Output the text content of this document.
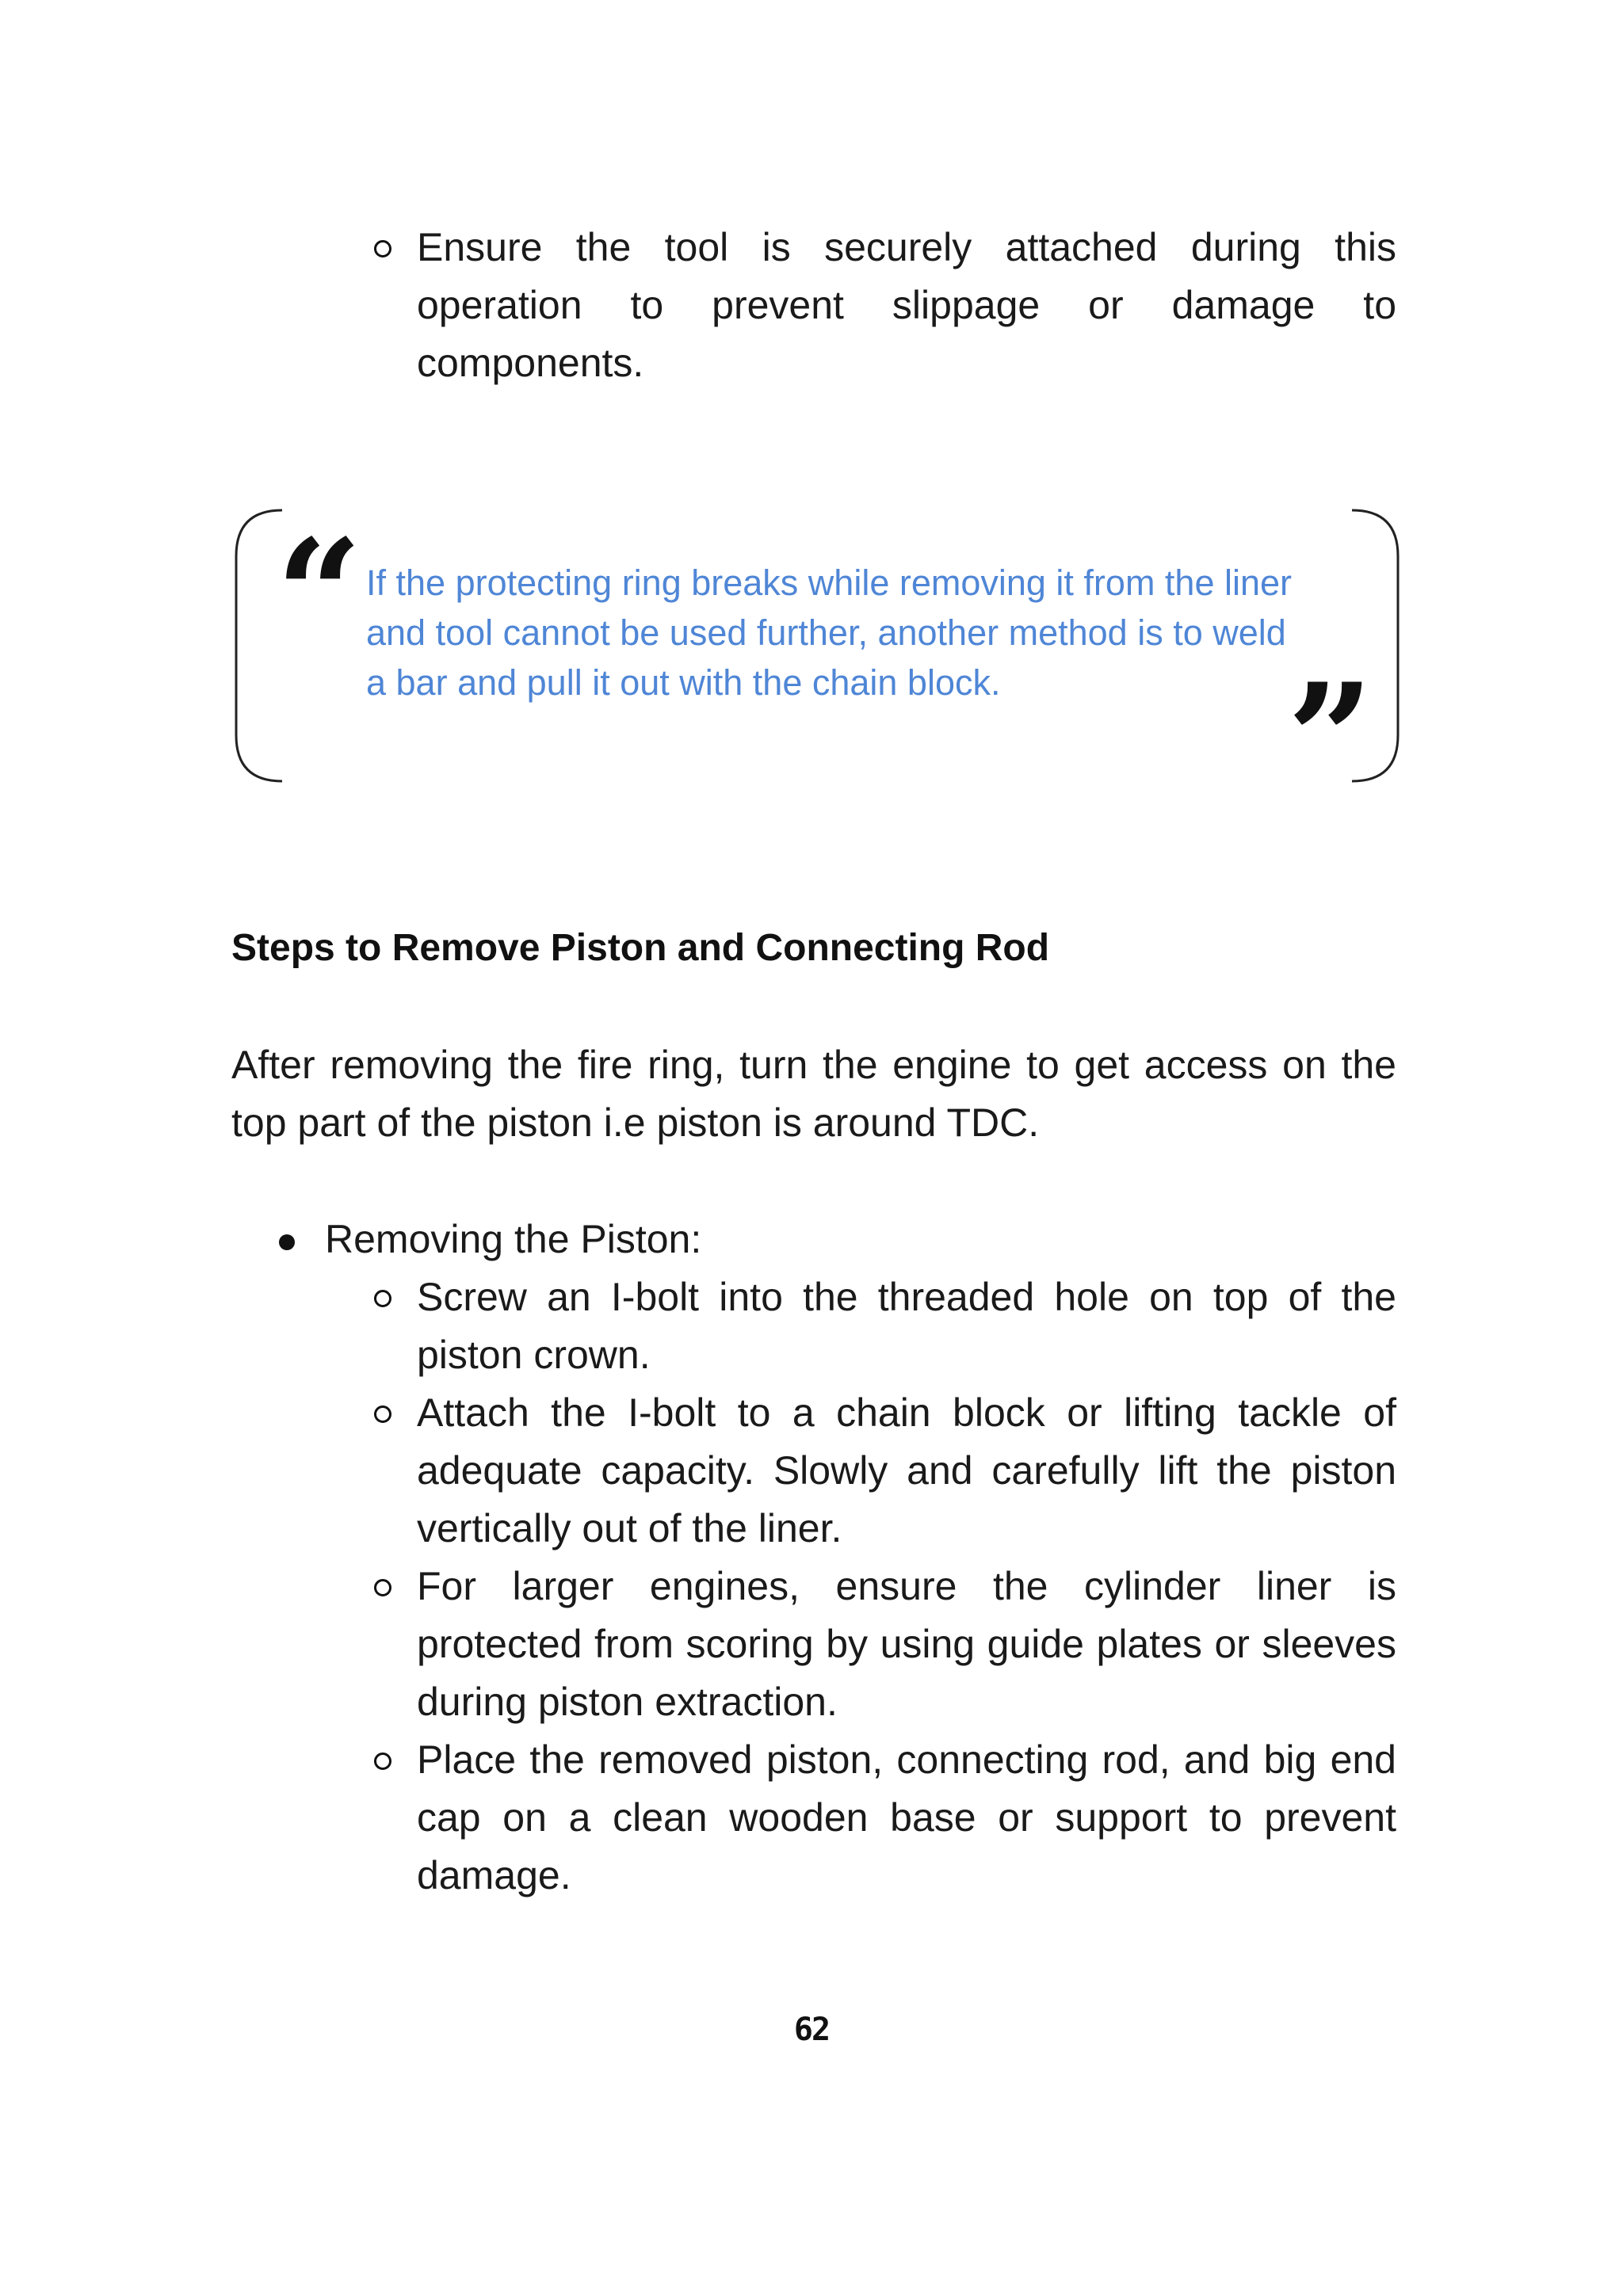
Ensure the tool is securely attached during this operation to prevent slippage or damage to components.
“ If the protecting ring breaks while removing it from the liner and tool cannot be used further, another method is to weld a bar and pull it out with the chain block.	”
Steps to Remove Piston and Connecting Rod
After removing the fire ring, turn the engine to get access on the top part of the piston i.e piston is around TDC.
Removing the Piston:
Screw an I-bolt into the threaded hole on top of the piston crown.
Attach the I-bolt to a chain block or lifting tackle of adequate capacity. Slowly and carefully lift the piston vertically out of the liner.
For larger engines, ensure the cylinder liner is protected from scoring by using guide plates or sleeves during piston extraction.
Place the removed piston, connecting rod, and big end cap on a clean wooden base or support to prevent damage.
62
